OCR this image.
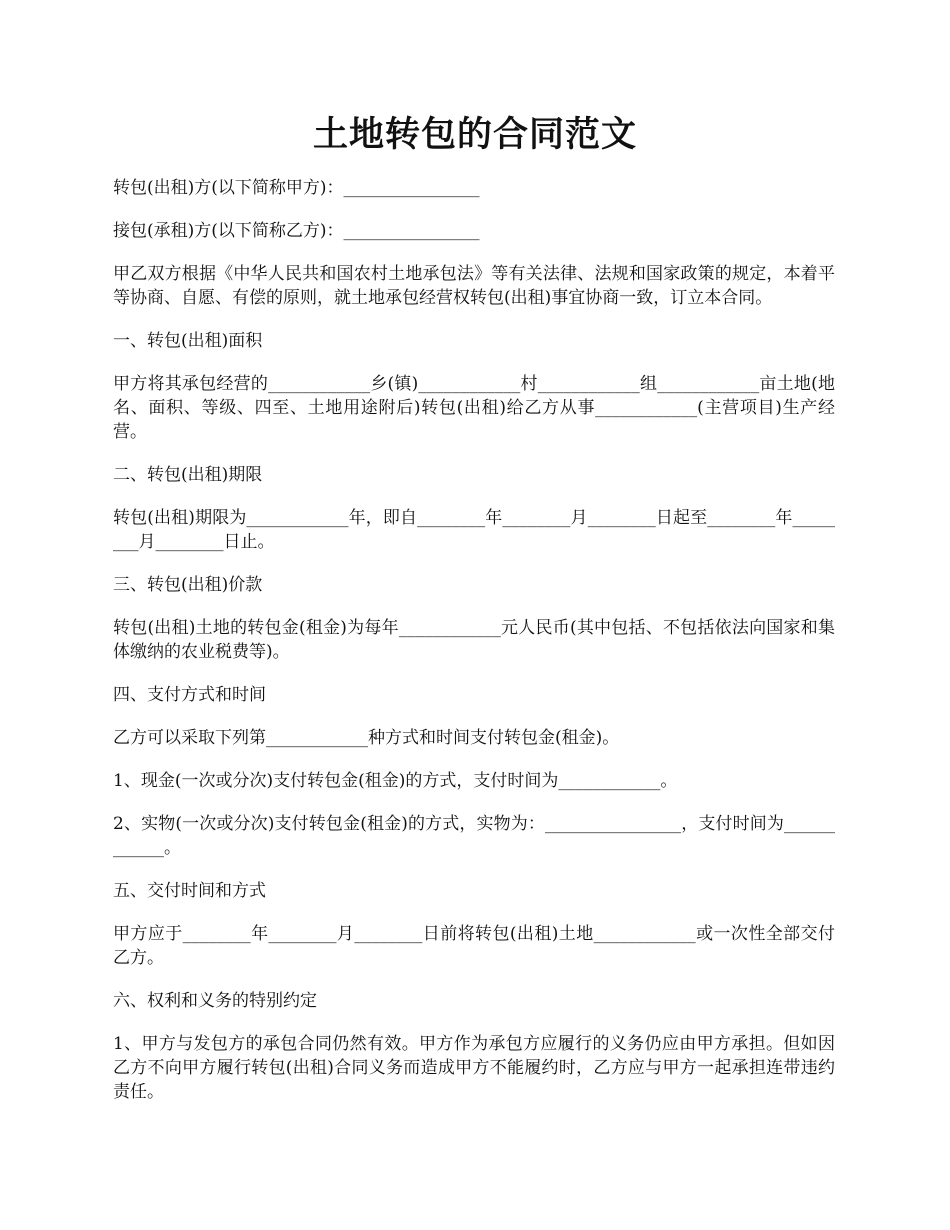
土地转包的合同范文

转包(出租)方(以下简称甲方)：________________

接包(承租)方(以下简称乙方)：________________

甲乙双方根据《中华人民共和国农村土地承包法》等有关法律、法规和国家政策的规定，本着平等协商、自愿、有偿的原则，就土地承包经营权转包(出租)事宜协商一致，订立本合同。

一、转包(出租)面积

甲方将其承包经营的____________乡(镇)____________村____________组____________亩土地(地名、面积、等级、四至、土地用途附后)转包(出租)给乙方从事____________(主营项目)生产经营。

二、转包(出租)期限

转包(出租)期限为____________年，即自________年________月________日起至________年________月________日止。

三、转包(出租)价款

转包(出租)土地的转包金(租金)为每年____________元人民币(其中包括、不包括依法向国家和集体缴纳的农业税费等)。

四、支付方式和时间

乙方可以采取下列第____________种方式和时间支付转包金(租金)。

1、现金(一次或分次)支付转包金(租金)的方式，支付时间为____________。

2、实物(一次或分次)支付转包金(租金)的方式，实物为：________________，支付时间为____________。

五、交付时间和方式

甲方应于________年________月________日前将转包(出租)土地____________或一次性全部交付乙方。

六、权利和义务的特别约定

1、甲方与发包方的承包合同仍然有效。甲方作为承包方应履行的义务仍应由甲方承担。但如因乙方不向甲方履行转包(出租)合同义务而造成甲方不能履约时，乙方应与甲方一起承担连带违约责任。
